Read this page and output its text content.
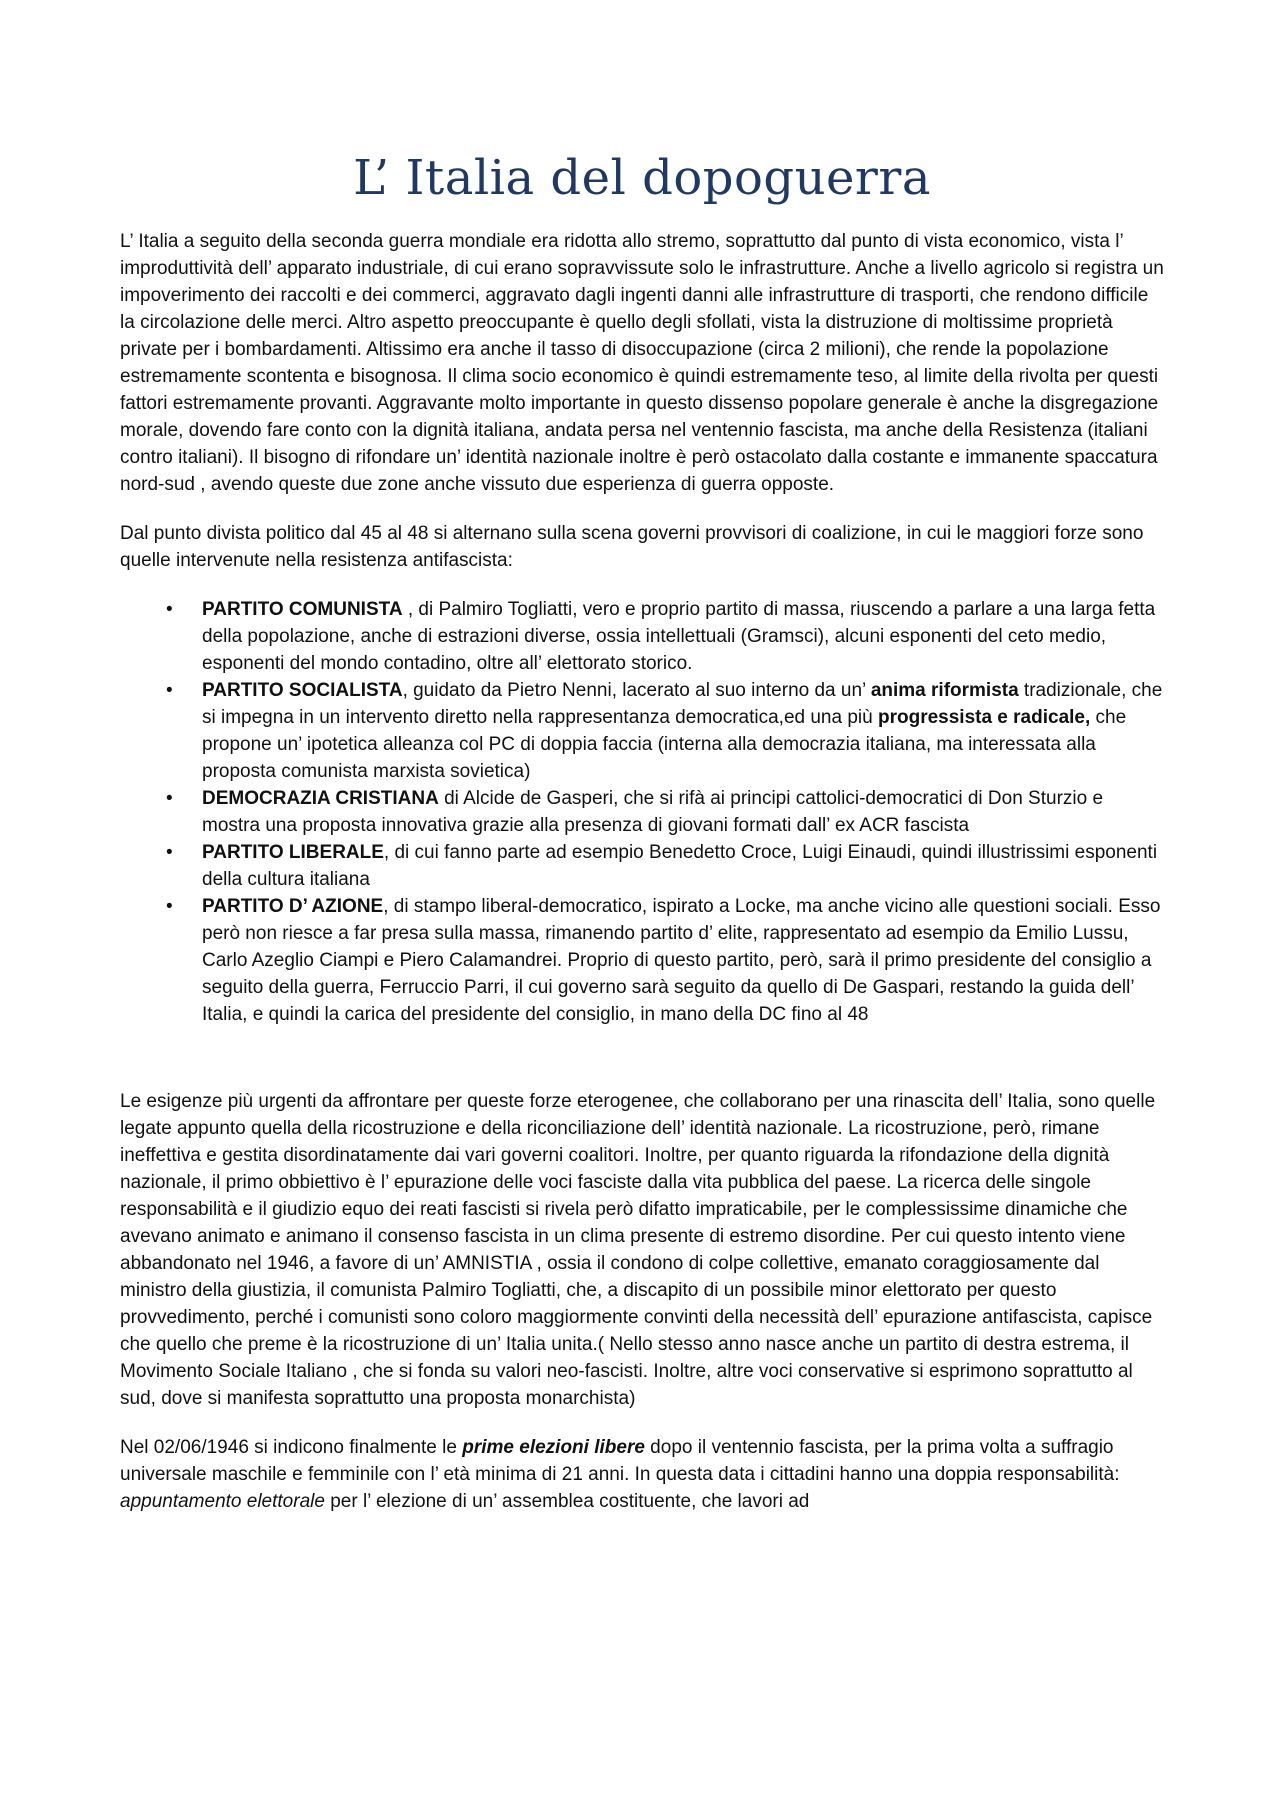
L’ Italia del dopoguerra

L’ Italia a seguito della seconda guerra mondiale era ridotta allo stremo, soprattutto dal punto di vista economico, vista l’ improduttività dell’ apparato industriale, di cui erano sopravvissute solo le infrastrutture. Anche a livello agricolo si registra un impoverimento dei raccolti e dei commerci, aggravato dagli ingenti danni alle infrastrutture di trasporti, che rendono difficile la circolazione delle merci. Altro aspetto preoccupante è quello degli sfollati, vista la distruzione di moltissime proprietà private per i bombardamenti. Altissimo era anche il tasso di disoccupazione (circa 2 milioni), che rende la popolazione estremamente scontenta e bisognosa. Il clima socio economico è quindi estremamente teso, al limite della rivolta per questi fattori estremamente provanti. Aggravante molto importante in questo dissenso popolare generale è anche la disgregazione morale, dovendo fare conto con la dignità italiana, andata persa nel ventennio fascista, ma anche della Resistenza (italiani contro italiani). Il bisogno di rifondare un’ identità nazionale inoltre è però ostacolato dalla costante e immanente spaccatura nord-sud , avendo queste due zone anche vissuto due esperienza di guerra opposte.

Dal punto divista politico dal 45 al 48 si alternano sulla scena governi provvisori di coalizione, in cui le maggiori forze sono quelle intervenute nella resistenza antifascista:

• PARTITO COMUNISTA , di Palmiro Togliatti, vero e proprio partito di massa, riuscendo a parlare a una larga fetta della popolazione, anche di estrazioni diverse, ossia intellettuali (Gramsci), alcuni esponenti del ceto medio, esponenti del mondo contadino, oltre all’ elettorato storico.
• PARTITO SOCIALISTA, guidato da Pietro Nenni, lacerato al suo interno da un’ anima riformista tradizionale, che si impegna in un intervento diretto nella rappresentanza democratica,ed una più progressista e radicale, che propone un’ ipotetica alleanza col PC di doppia faccia (interna alla democrazia italiana, ma interessata alla proposta comunista marxista sovietica)
• DEMOCRAZIA CRISTIANA di Alcide de Gasperi, che si rifà ai principi cattolici-democratici di Don Sturzio e mostra una proposta innovativa grazie alla presenza di giovani formati dall’ ex ACR fascista
• PARTITO LIBERALE, di cui fanno parte ad esempio Benedetto Croce, Luigi Einaudi, quindi illustrissimi esponenti della cultura italiana
• PARTITO D’ AZIONE, di stampo liberal-democratico, ispirato a Locke, ma anche vicino alle questioni sociali. Esso però non riesce a far presa sulla massa, rimanendo partito d’ elite, rappresentato ad esempio da Emilio Lussu, Carlo Azeglio Ciampi e Piero Calamandrei. Proprio di questo partito, però, sarà il primo presidente del consiglio a seguito della guerra, Ferruccio Parri, il cui governo sarà seguito da quello di De Gaspari, restando la guida dell’ Italia, e quindi la carica del presidente del consiglio, in mano della DC fino al 48

Le esigenze più urgenti da affrontare per queste forze eterogenee, che collaborano per una rinascita dell’ Italia, sono quelle legate appunto quella della ricostruzione e della riconciliazione dell’ identità nazionale. La ricostruzione, però, rimane ineffettiva e gestita disordinatamente dai vari governi coalitori. Inoltre, per quanto riguarda la rifondazione della dignità nazionale, il primo obbiettivo è l’ epurazione delle voci fasciste dalla vita pubblica del paese. La ricerca delle singole responsabilità e il giudizio equo dei reati fascisti si rivela però difatto impraticabile, per le complessissime dinamiche che avevano animato e animano il consenso fascista in un clima presente di estremo disordine. Per cui questo intento viene abbandonato nel 1946, a favore di un’ AMNISTIA , ossia il condono di colpe collettive, emanato coraggiosamente dal ministro della giustizia, il comunista Palmiro Togliatti, che, a discapito di un possibile minor elettorato per questo provvedimento, perché i comunisti sono coloro maggiormente convinti della necessità dell’ epurazione antifascista, capisce che quello che preme è la ricostruzione di un’ Italia unita.( Nello stesso anno nasce anche un partito di destra estrema, il Movimento Sociale Italiano , che si fonda su valori neo-fascisti. Inoltre, altre voci conservative si esprimono soprattutto al sud, dove si manifesta soprattutto una proposta monarchista)

Nel 02/06/1946 si indicono finalmente le prime elezioni libere dopo il ventennio fascista, per la prima volta a suffragio universale maschile e femminile con l’ età minima di 21 anni. In questa data i cittadini hanno una doppia responsabilità: appuntamento elettorale per l’ elezione di un’ assemblea costituente, che lavori ad
